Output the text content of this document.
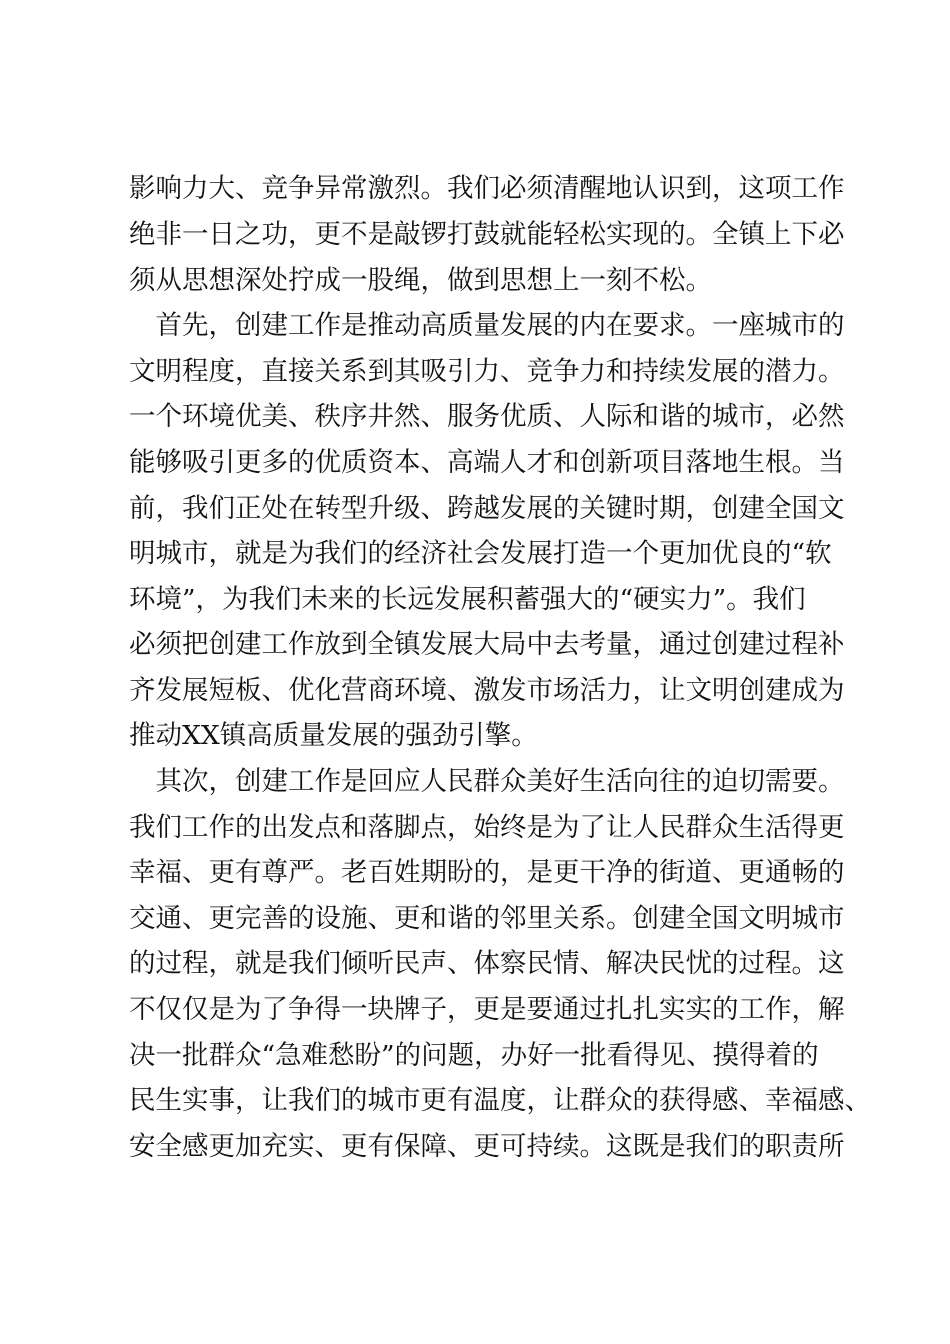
影响力大、竞争异常激烈。我们必须清醒地认识到，这项工作
绝非一日之功，更不是敲锣打鼓就能轻松实现的。全镇上下必
须从思想深处拧成一股绳，做到思想上一刻不松。
　首先，创建工作是推动高质量发展的内在要求。一座城市的
文明程度，直接关系到其吸引力、竞争力和持续发展的潜力。
一个环境优美、秩序井然、服务优质、人际和谐的城市，必然
能够吸引更多的优质资本、高端人才和创新项目落地生根。当
前，我们正处在转型升级、跨越发展的关键时期，创建全国文
明城市，就是为我们的经济社会发展打造一个更加优良的“软
环境”，为我们未来的长远发展积蓄强大的“硬实力”。我们
必须把创建工作放到全镇发展大局中去考量，通过创建过程补
齐发展短板、优化营商环境、激发市场活力，让文明创建成为
推动XX镇高质量发展的强劲引擎。
　其次，创建工作是回应人民群众美好生活向往的迫切需要。
我们工作的出发点和落脚点，始终是为了让人民群众生活得更
幸福、更有尊严。老百姓期盼的，是更干净的街道、更通畅的
交通、更完善的设施、更和谐的邻里关系。创建全国文明城市
的过程，就是我们倾听民声、体察民情、解决民忧的过程。这
不仅仅是为了争得一块牌子，更是要通过扎扎实实的工作，解
决一批群众“急难愁盼”的问题，办好一批看得见、摸得着的
民生实事，让我们的城市更有温度，让群众的获得感、幸福感、
安全感更加充实、更有保障、更可持续。这既是我们的职责所
